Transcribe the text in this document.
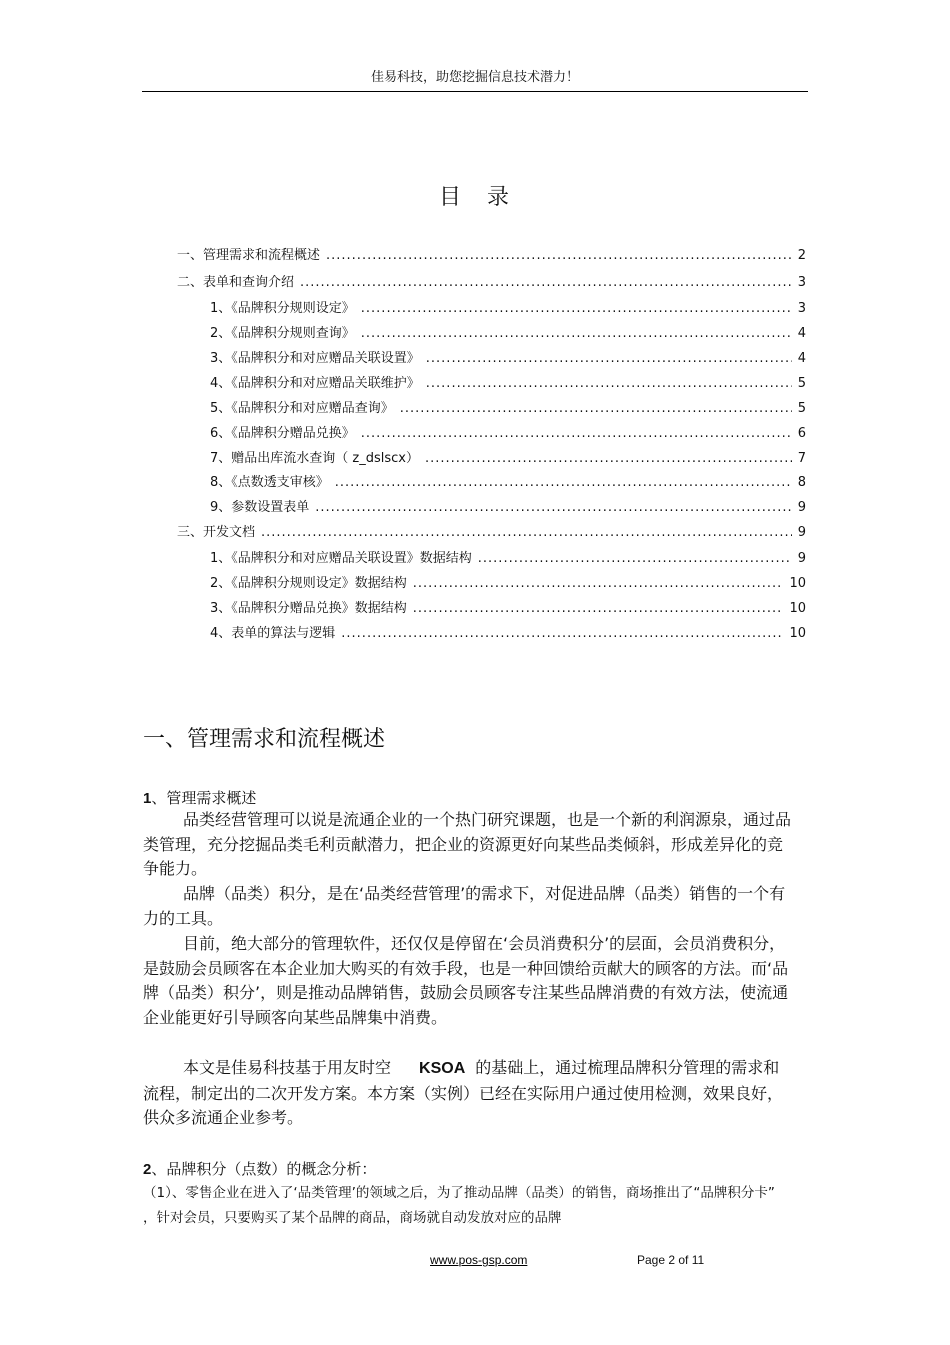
佳易科技，助您挖掘信息技术潜力！
目　录
一、管理需求和流程概述 .....	2
二、表单和查询介绍 .....	3
1、《品牌积分规则设定》 .....	3
2、《品牌积分规则查询》 .....	4
3、《品牌积分和对应赠品关联设置》 .....	4
4、《品牌积分和对应赠品关联维护》 .....	5
5、《品牌积分和对应赠品查询》 .....	5
6、《品牌积分赠品兑换》 .....	6
7、赠品出库流水查询（ z_dslscx） .....	7
8、《点数透支审核》 .....	8
9、参数设置表单 .....	9
三、开发文档 .....	9
1、《品牌积分和对应赠品关联设置》数据结构 .....	9
2、《品牌积分规则设定》数据结构 .....	10
3、《品牌积分赠品兑换》数据结构 .....	10
4、表单的算法与逻辑 .....	10
一、管理需求和流程概述
1、管理需求概述
品类经营管理可以说是流通企业的一个热门研究课题，也是一个新的利润源泉，通过品类管理，充分挖掘品类毛利贡献潜力，把企业的资源更好向某些品类倾斜，形成差异化的竞争能力。
品牌（品类）积分，是在‘品类经营管理’的需求下，对促进品牌（品类）销售的一个有力的工具。
目前，绝大部分的管理软件，还仅仅是停留在‘会员消费积分’的层面，会员消费积分，是鼓励会员顾客在本企业加大购买的有效手段，也是一种回馈给贡献大的顾客的方法。而‘品牌（品类）积分’，则是推动品牌销售，鼓励会员顾客专注某些品牌消费的有效方法，使流通企业能更好引导顾客向某些品牌集中消费。
本文是佳易科技基于用友时空 KSOA 的基础上，通过梳理品牌积分管理的需求和流程，制定出的二次开发方案。本方案（实例）已经在实际用户通过使用检测，效果良好，供众多流通企业参考。
2、品牌积分（点数）的概念分析：
（1）、零售企业在进入了‘品类管理’的领域之后，为了推动品牌（品类）的销售，商场推出了“品牌积分卡” ，针对会员，只要购买了某个品牌的商品，商场就自动发放对应的品牌
www.pos-gsp.com	Page 2 of 11
